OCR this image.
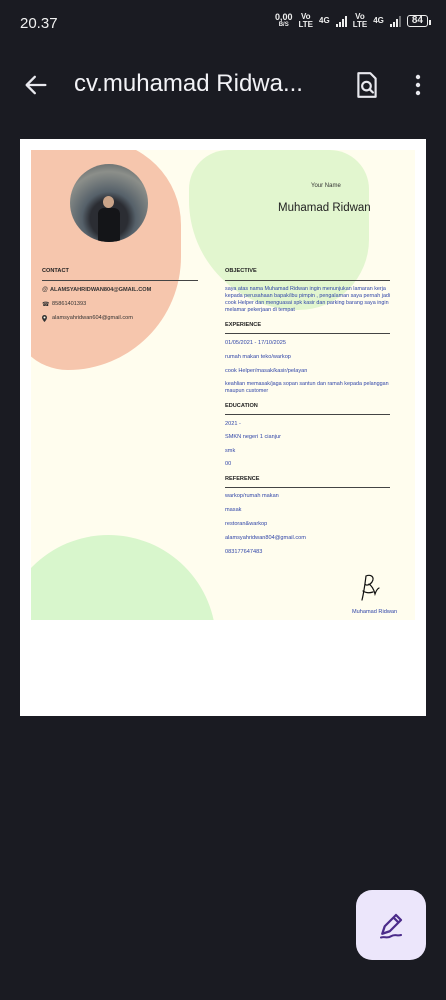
20.37	0,00
B/S
Vo
LTE 4G	Vo
LTE 4G	84
cv.muhamad Ridwa...
Your Name
Muhamad Ridwan
CONTACT
@ ALAMSYAHRIDWAN804@GMAIL.COM
☎ 85861401393
alamsyahridwan604@gmail.com
OBJECTIVE
saya atas nama Muhamad Ridwan ingin menunjukan lamaran kerja kepada perusahaan bapak/ibu pimpin , pengalaman saya pernah jadi cook Helper dan menguasai spk kasir dan parking barang saya ingin melamar pekerjaan di tempat
EXPERIENCE
01/05/2021 - 17/10/2025
rumah makan teko/warkop
cook Helper/masak/kasir/pelayan
keahlian memasak/jaga sopan santun dan ramah kepada pelanggan maupun customer
EDUCATION
2021 -
SMKN negeri 1 cianjur
smk
00
REFERENCE
warkop/rumah makan
masak
restoran&warkop
alamsyahridwan804@gmail.com
083177647483
Muhamad Ridwan
